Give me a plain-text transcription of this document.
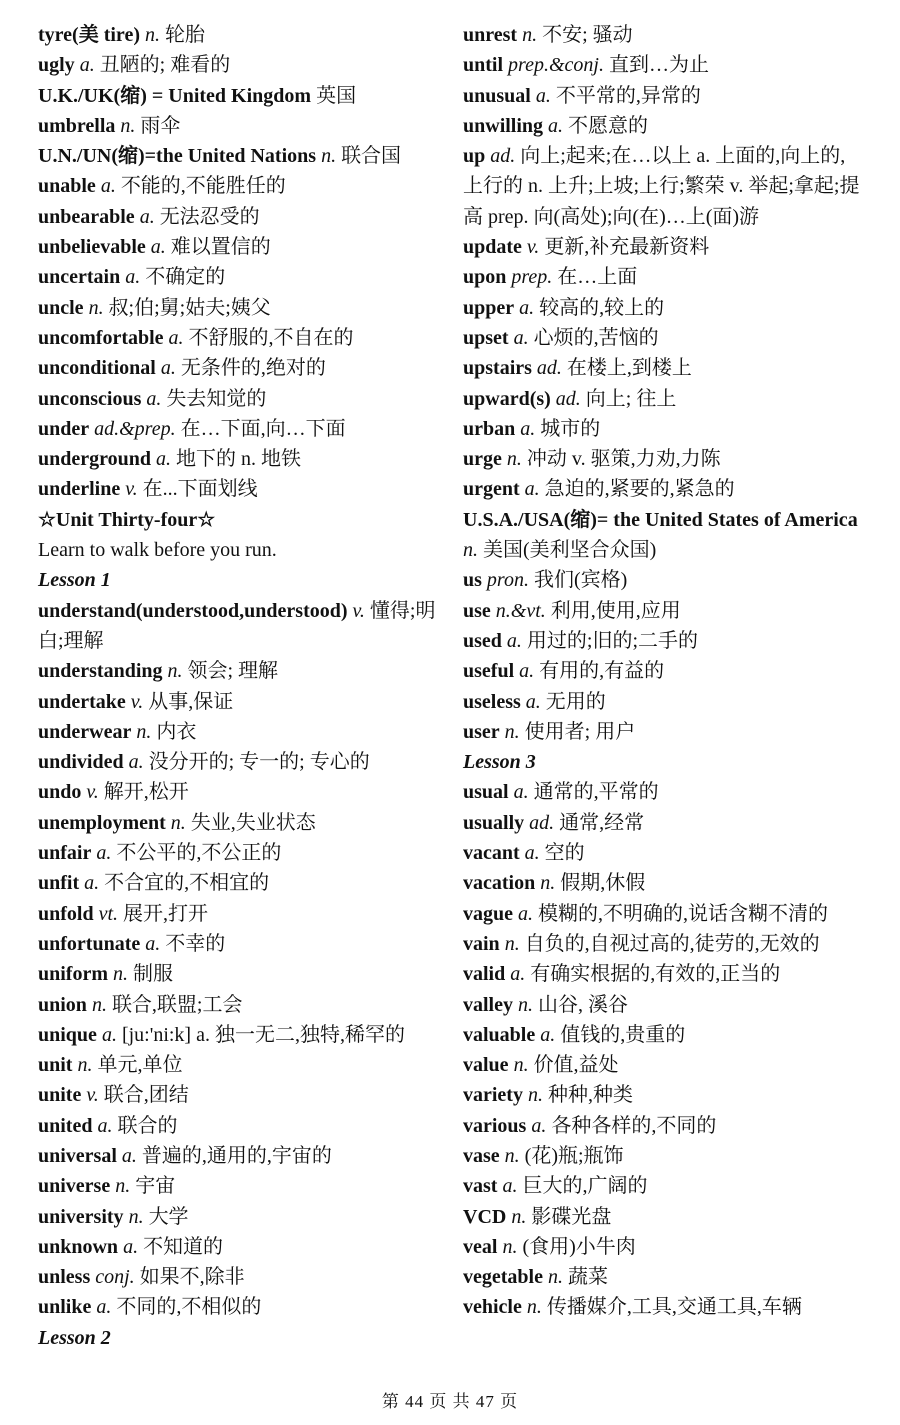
tyre(美 tire) n. 轮胎
ugly a. 丑陋的; 难看的
U.K./UK(缩) = United Kingdom 英国
umbrella n. 雨伞
U.N./UN(缩)=the United Nations n. 联合国
unable a. 不能的,不能胜任的
unbearable a. 无法忍受的
unbelievable a. 难以置信的
uncertain a. 不确定的
uncle n. 叔;伯;舅;姑夫;姨父
uncomfortable a. 不舒服的,不自在的
unconditional a. 无条件的,绝对的
unconscious a. 失去知觉的
under ad.&prep. 在…下面,向…下面
underground a. 地下的 n. 地铁
underline v. 在...下面划线
☆Unit Thirty-four☆
Learn to walk before you run.
Lesson 1
understand(understood,understood) v. 懂得;明白;理解
understanding n. 领会; 理解
undertake v. 从事,保证
underwear n. 内衣
undivided a. 没分开的; 专一的; 专心的
undo v. 解开,松开
unemployment n. 失业,失业状态
unfair a. 不公平的,不公正的
unfit a. 不合宜的,不相宜的
unfold vt. 展开,打开
unfortunate a. 不幸的
uniform n. 制服
union n. 联合,联盟;工会
unique a. [ju:'ni:k] a. 独一无二,独特,稀罕的
unit n. 单元,单位
unite v. 联合,团结
united a. 联合的
universal a. 普遍的,通用的,宇宙的
universe n. 宇宙
university n. 大学
unknown a. 不知道的
unless conj. 如果不,除非
unlike a. 不同的,不相似的
Lesson 2
unrest n. 不安; 骚动
until prep.&conj. 直到…为止
unusual a. 不平常的,异常的
unwilling a. 不愿意的
up ad. 向上;起来;在…以上 a. 上面的,向上的,上行的 n. 上升;上坡;上行;繁荣 v. 举起;拿起;提高 prep. 向(高处);向(在)…上(面)游
update v. 更新,补充最新资料
upon prep. 在…上面
upper a. 较高的,较上的
upset a. 心烦的,苦恼的
upstairs ad. 在楼上,到楼上
upward(s) ad. 向上; 往上
urban a. 城市的
urge n. 冲动 v. 驱策,力劝,力陈
urgent a. 急迫的,紧要的,紧急的
U.S.A./USA(缩)= the United States of America n. 美国(美利坚合众国)
us pron. 我们(宾格)
use n.&vt. 利用,使用,应用
used a. 用过的;旧的;二手的
useful a. 有用的,有益的
useless a. 无用的
user n. 使用者; 用户
Lesson 3
usual a. 通常的,平常的
usually ad. 通常,经常
vacant a. 空的
vacation n. 假期,休假
vague a. 模糊的,不明确的,说话含糊不清的
vain n. 自负的,自视过高的,徒劳的,无效的
valid a. 有确实根据的,有效的,正当的
valley n. 山谷, 溪谷
valuable a. 值钱的,贵重的
value n. 价值,益处
variety n. 种种,种类
various a. 各种各样的,不同的
vase n. (花)瓶;瓶饰
vast a. 巨大的,广阔的
VCD n. 影碟光盘
veal n. (食用)小牛肉
vegetable n. 蔬菜
vehicle n. 传播媒介,工具,交通工具,车辆
第 44 页 共 47 页
